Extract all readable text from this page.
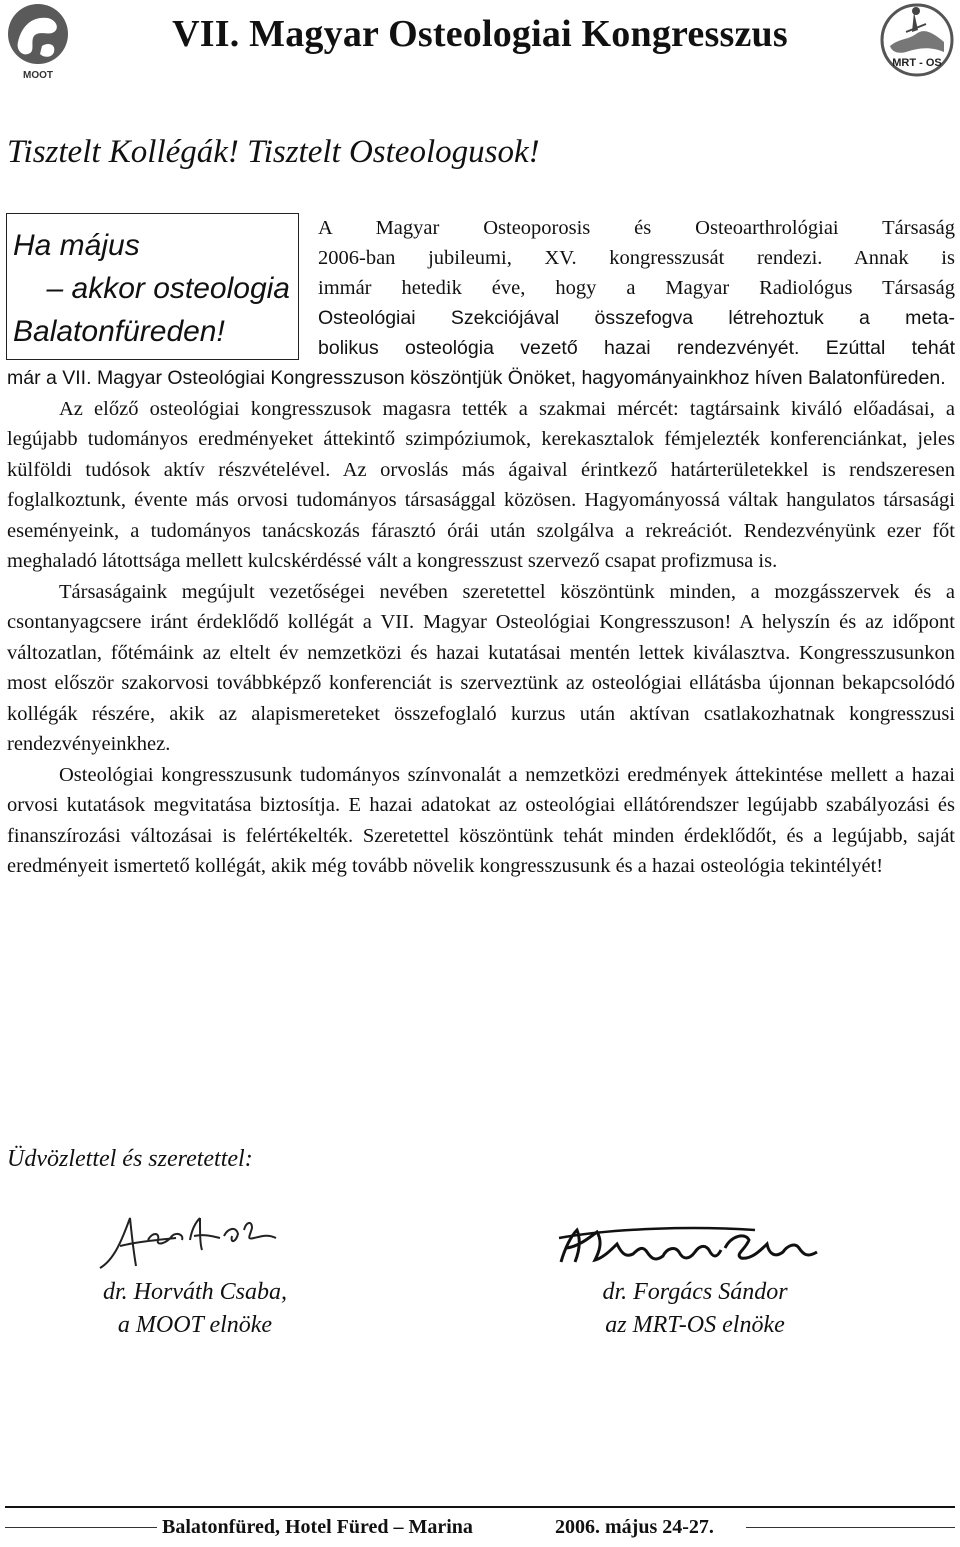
MOOT
VII. Magyar Osteologiai Kongresszus
MRT - OS
Tisztelt Kollégák! Tisztelt Osteologusok!
Ha május
– akkor osteologia
Balatonfüreden!
A Magyar Osteoporosis és Osteoarthrológiai Társaság
2006-ban jubileumi, XV. kongresszusát rendezi. Annak is
immár hetedik éve, hogy a Magyar Radiológus Társaság
Osteológiai Szekciójával összefogva létrehoztuk a meta-
bolikus osteológia vezető hazai rendezvényét. Ezúttal tehát

már a VII. Magyar Osteológiai Kongresszuson köszöntjük Önöket, hagyományainkhoz híven Balatonfüreden.

Az előző osteológiai kongresszusok magasra tették a szakmai mércét: tagtársaink kiváló előadásai, a legújabb tudományos eredményeket áttekintő szimpóziumok, kerekasztalok fémjelezték konferenciánkat, jeles külföldi tudósok aktív részvételével. Az orvoslás más ágaival érintkező határterületekkel is rendszeresen foglalkoztunk, évente más orvosi tudományos társasággal közösen. Hagyományossá váltak hangulatos társasági eseményeink, a tudományos tanácskozás fárasztó órái után szolgálva a rekreációt. Rendezvényünk ezer főt meghaladó látottsága mellett kulcskérdéssé vált a kongresszust szervező csapat profizmusa is.

Társaságaink megújult vezetőségei nevében szeretettel köszöntünk minden, a mozgásszervek és a csontanyagcsere iránt érdeklődő kollégát a VII. Magyar Osteológiai Kongresszuson! A helyszín és az időpont változatlan, főtémáink az eltelt év nemzetközi és hazai kutatásai mentén lettek kiválasztva. Kongresszusunkon most először szakorvosi továbbképző konferenciát is szerveztünk az osteológiai ellátásba újonnan bekapcsolódó kollégák részére, akik az alapismereteket összefoglaló kurzus után aktívan csatlakozhatnak kongresszusi rendezvényeinkhez.

Osteológiai kongresszusunk tudományos színvonalát a nemzetközi eredmények áttekintése mellett a hazai orvosi kutatások megvitatása biztosítja. E hazai adatokat az osteológiai ellátórendszer legújabb szabályozási és finanszírozási változásai is felértékelték. Szeretettel köszöntünk tehát minden érdeklődőt, és a legújabb, saját eredményeit ismertető kollégát, akik még tovább növelik kongresszusunk és a hazai osteológia tekintélyét!

Üdvözlettel és szeretettel:
dr. Horváth Csaba,
a MOOT elnöke
dr. Forgács Sándor
az MRT-OS elnöke
Balatonfüred, Hotel Füred – Marina	2006. május 24-27.
